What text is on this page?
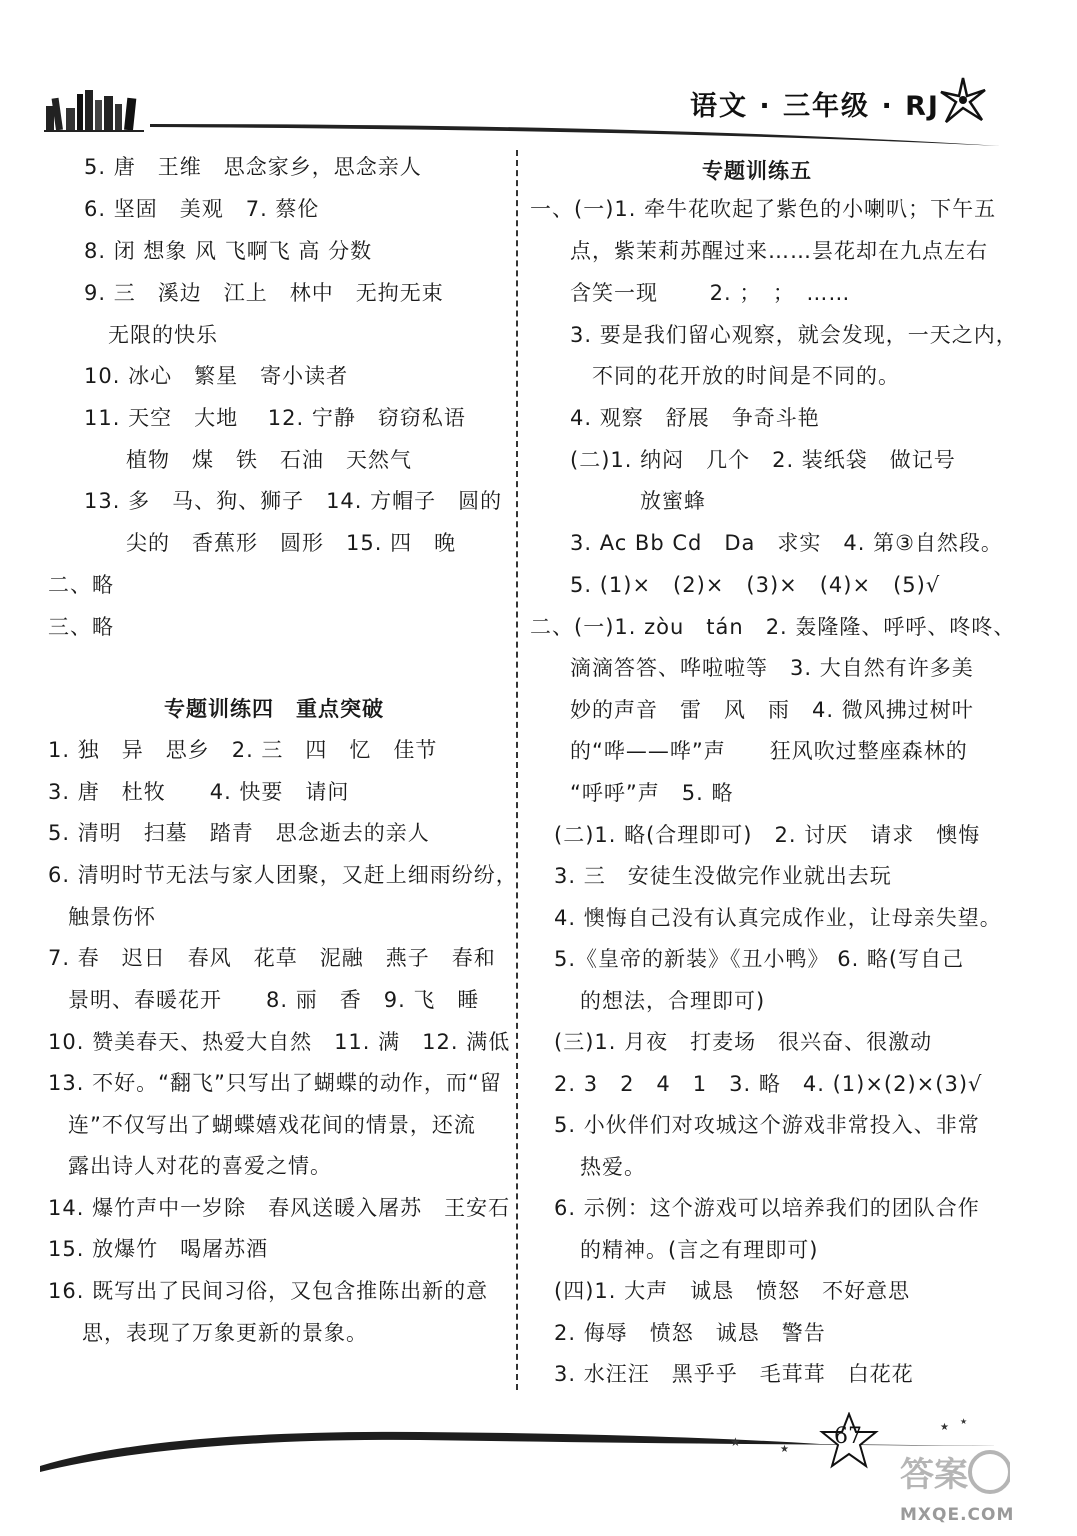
语文 · 三年级 · RJ
5. 唐　王维　思念家乡，思念亲人
6. 坚固　美观　7. 蔡伦
8. 闭 想象 风 飞啊飞 高 分数
9. 三　溪边　江上　林中　无拘无束
无限的快乐
10. 冰心　繁星　寄小读者
11. 天空　大地　 12. 宁静　窃窃私语
植物　煤　铁　石油　天然气
13. 多　马、狗、狮子　14. 方帽子　圆的
尖的　香蕉形　圆形　15. 四　晚
二、略
三、略
专题训练四　重点突破
1. 独　异　思乡　2. 三　四　忆　佳节
3. 唐　杜牧　　4. 快要　请问
5. 清明　扫墓　踏青　思念逝去的亲人
6. 清明时节无法与家人团聚，又赶上细雨纷纷，
触景伤怀
7. 春　迟日　春风　花草　泥融　燕子　春和
景明、春暖花开　　8. 丽　香　9. 飞　睡
10. 赞美春天、热爱大自然　11. 满　12. 满低
13. 不好。“翻飞”只写出了蝴蝶的动作，而“留
连”不仅写出了蝴蝶嬉戏花间的情景，还流
露出诗人对花的喜爱之情。
14. 爆竹声中一岁除　春风送暖入屠苏　王安石
15. 放爆竹　喝屠苏酒
16. 既写出了民间习俗，又包含推陈出新的意
思，表现了万象更新的景象。
专题训练五
一、(一)1. 牵牛花吹起了紫色的小喇叭；下午五
点，紫茉莉苏醒过来……昙花却在九点左右
含笑一现　　 2. ；　；　……
3. 要是我们留心观察，就会发现，一天之内，
不同的花开放的时间是不同的。
4. 观察　舒展　争奇斗艳
(二)1. 纳闷　几个　2. 装纸袋　做记号
放蜜蜂
3. Ac Bb Cd　Da　求实　4. 第③自然段。
5. (1)×　(2)×　(3)×　(4)×　(5)√
二、(一)1. zòu　tán　2. 轰隆隆、呼呼、咚咚、
滴滴答答、哗啦啦等　3. 大自然有许多美
妙的声音　雷　风　雨　4. 微风拂过树叶
的“哗——哗”声　　狂风吹过整座森林的
“呼呼”声　5. 略
(二)1. 略(合理即可)　2. 讨厌　请求　懊悔
3. 三　安徒生没做完作业就出去玩
4. 懊悔自己没有认真完成作业，让母亲失望。
5.《皇帝的新装》《丑小鸭》 6. 略(写自己
的想法，合理即可)
(三)1. 月夜　打麦场　很兴奋、很激动
2. 3　2　4　1　3. 略　4. (1)×(2)×(3)√
5. 小伙伴们对攻城这个游戏非常投入、非常
热爱。
6. 示例：这个游戏可以培养我们的团队合作
的精神。(言之有理即可)
(四)1. 大声　诚恳　愤怒　不好意思
2. 侮辱　愤怒　诚恳　警告
3. 水汪汪　黑乎乎　毛茸茸　白花花
★
★
★
★
67
答案
MXQE.COM
